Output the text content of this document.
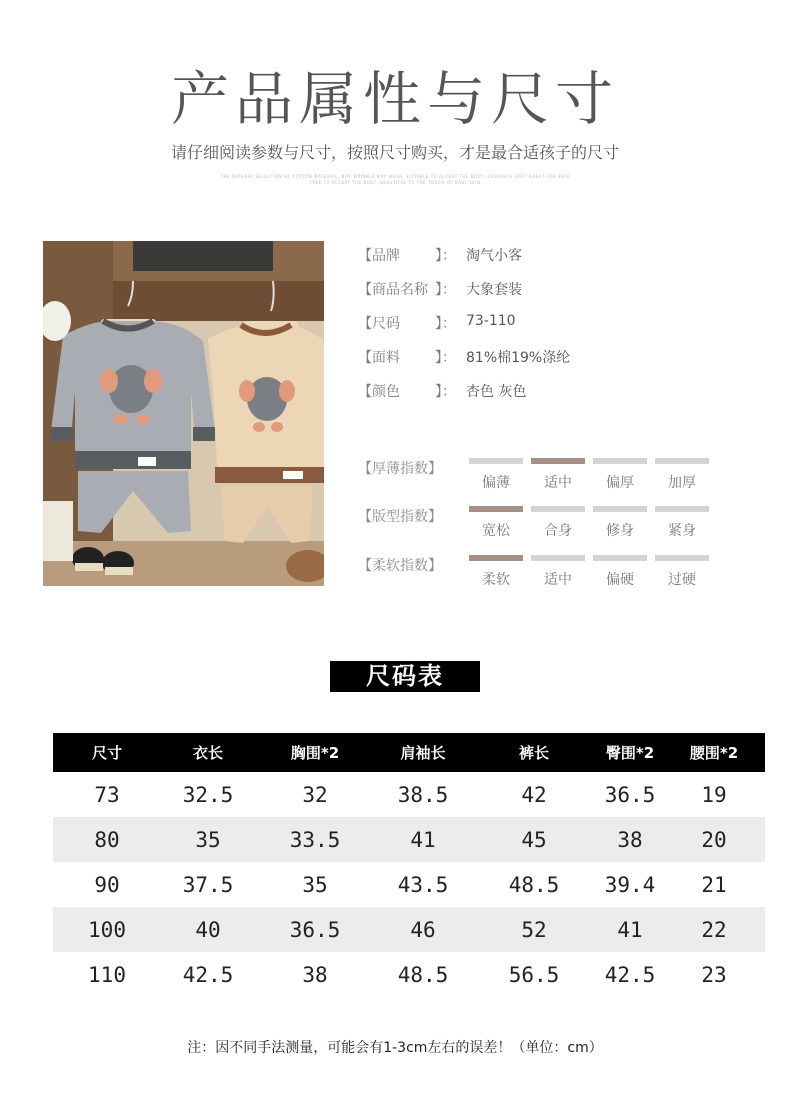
产品属性与尺寸
请仔细阅读参数与尺寸，按照尺寸购买，才是最合适孩子的尺寸
THE NATURAL SELECTION OF COTTON MATERIAL, NOT WRINKLE MAY WASH, SUITABLE TO ACCEPT THE BODY, EXQUISITE SOFT GREAT FOR SKIN
FREE TO ACCEPT THE BODY, BEAUTIFUL TO THE TOUCH OF BABY SKIN
【 品牌	】： 淘气小客
【 商品名称 】： 大象套装
【 尺码	】： 73-110
【 面料	】： 81%棉19%涤纶
【 颜色	】： 杏色 灰色
【厚薄指数】
偏薄	适中	偏厚	加厚
【版型指数】
宽松	合身	修身	紧身
【柔软指数】
柔软	适中	偏硬	过硬
尺码表
尺寸	衣长	胸围*2	肩袖长	裤长	臀围*2	腰围*2
73	32.5	32	38.5	42	36.5	19
80	35	33.5	41	45	38	20
90	37.5	35	43.5	48.5	39.4	21
100	40	36.5	46	52	41	22
110	42.5	38	48.5	56.5	42.5	23
注：因不同手法测量，可能会有1-3cm左右的误差！（单位：cm）
